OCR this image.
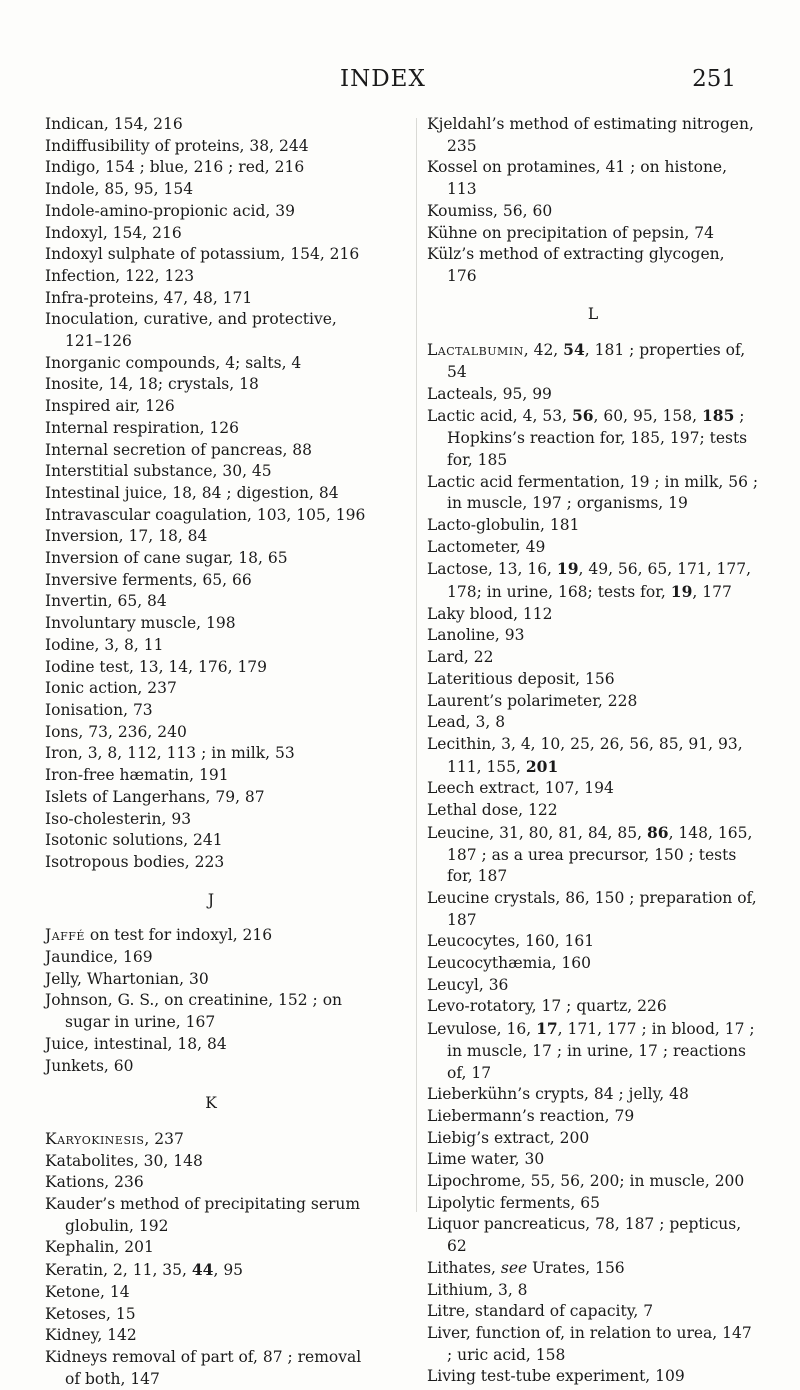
INDEX	251
Indican, 154, 216
Indiffusibility of proteins, 38, 244
Indigo, 154 ; blue, 216 ; red, 216
Indole, 85, 95, 154
Indole-amino-propionic acid, 39
Indoxyl, 154, 216
Indoxyl sulphate of potassium, 154, 216
Infection, 122, 123
Infra-proteins, 47, 48, 171
Inoculation, curative, and protective, 121–126
Inorganic compounds, 4; salts, 4
Inosite, 14, 18; crystals, 18
Inspired air, 126
Internal respiration, 126
Internal secretion of pancreas, 88
Interstitial substance, 30, 45
Intestinal juice, 18, 84 ; digestion, 84
Intravascular coagulation, 103, 105, 196
Inversion, 17, 18, 84
Inversion of cane sugar, 18, 65
Inversive ferments, 65, 66
Invertin, 65, 84
Involuntary muscle, 198
Iodine, 3, 8, 11
Iodine test, 13, 14, 176, 179
Ionic action, 237
Ionisation, 73
Ions, 73, 236, 240
Iron, 3, 8, 112, 113 ; in milk, 53
Iron-free hæmatin, 191
Islets of Langerhans, 79, 87
Iso-cholesterin, 93
Isotonic solutions, 241
Isotropous bodies, 223
J
Jaffé on test for indoxyl, 216
Jaundice, 169
Jelly, Whartonian, 30
Johnson, G. S., on creatinine, 152 ; on sugar in urine, 167
Juice, intestinal, 18, 84
Junkets, 60
K
Karyokinesis, 237
Katabolites, 30, 148
Kations, 236
Kauder’s method of precipitating serum globulin, 192
Kephalin, 201
Keratin, 2, 11, 35, 44, 95
Ketone, 14
Ketoses, 15
Kidney, 142
Kidneys removal of part of, 87 ; removal of both, 147
Kjeldahl’s method of estimating nitrogen, 235
Kossel on protamines, 41 ; on histone, 113
Koumiss, 56, 60
Kühne on precipitation of pepsin, 74
Külz’s method of extracting glycogen, 176
L
Lactalbumin, 42, 54, 181 ; properties of, 54
Lacteals, 95, 99
Lactic acid, 4, 53, 56, 60, 95, 158, 185 ; Hopkins’s reaction for, 185, 197; tests for, 185
Lactic acid fermentation, 19 ; in milk, 56 ; in muscle, 197 ; organisms, 19
Lacto-globulin, 181
Lactometer, 49
Lactose, 13, 16, 19, 49, 56, 65, 171, 177, 178; in urine, 168; tests for, 19, 177
Laky blood, 112
Lanoline, 93
Lard, 22
Lateritious deposit, 156
Laurent’s polarimeter, 228
Lead, 3, 8
Lecithin, 3, 4, 10, 25, 26, 56, 85, 91, 93, 111, 155, 201
Leech extract, 107, 194
Lethal dose, 122
Leucine, 31, 80, 81, 84, 85, 86, 148, 165, 187 ; as a urea precursor, 150 ; tests for, 187
Leucine crystals, 86, 150 ; preparation of, 187
Leucocytes, 160, 161
Leucocythæmia, 160
Leucyl, 36
Levo-rotatory, 17 ; quartz, 226
Levulose, 16, 17, 171, 177 ; in blood, 17 ; in muscle, 17 ; in urine, 17 ; reactions of, 17
Lieberkühn’s crypts, 84 ; jelly, 48
Liebermann’s reaction, 79
Liebig’s extract, 200
Lime water, 30
Lipochrome, 55, 56, 200; in muscle, 200
Lipolytic ferments, 65
Liquor pancreaticus, 78, 187 ; pepticus, 62
Lithates, see Urates, 156
Lithium, 3, 8
Litre, standard of capacity, 7
Liver, function of, in relation to urea, 147 ; uric acid, 158
Living test-tube experiment, 109
